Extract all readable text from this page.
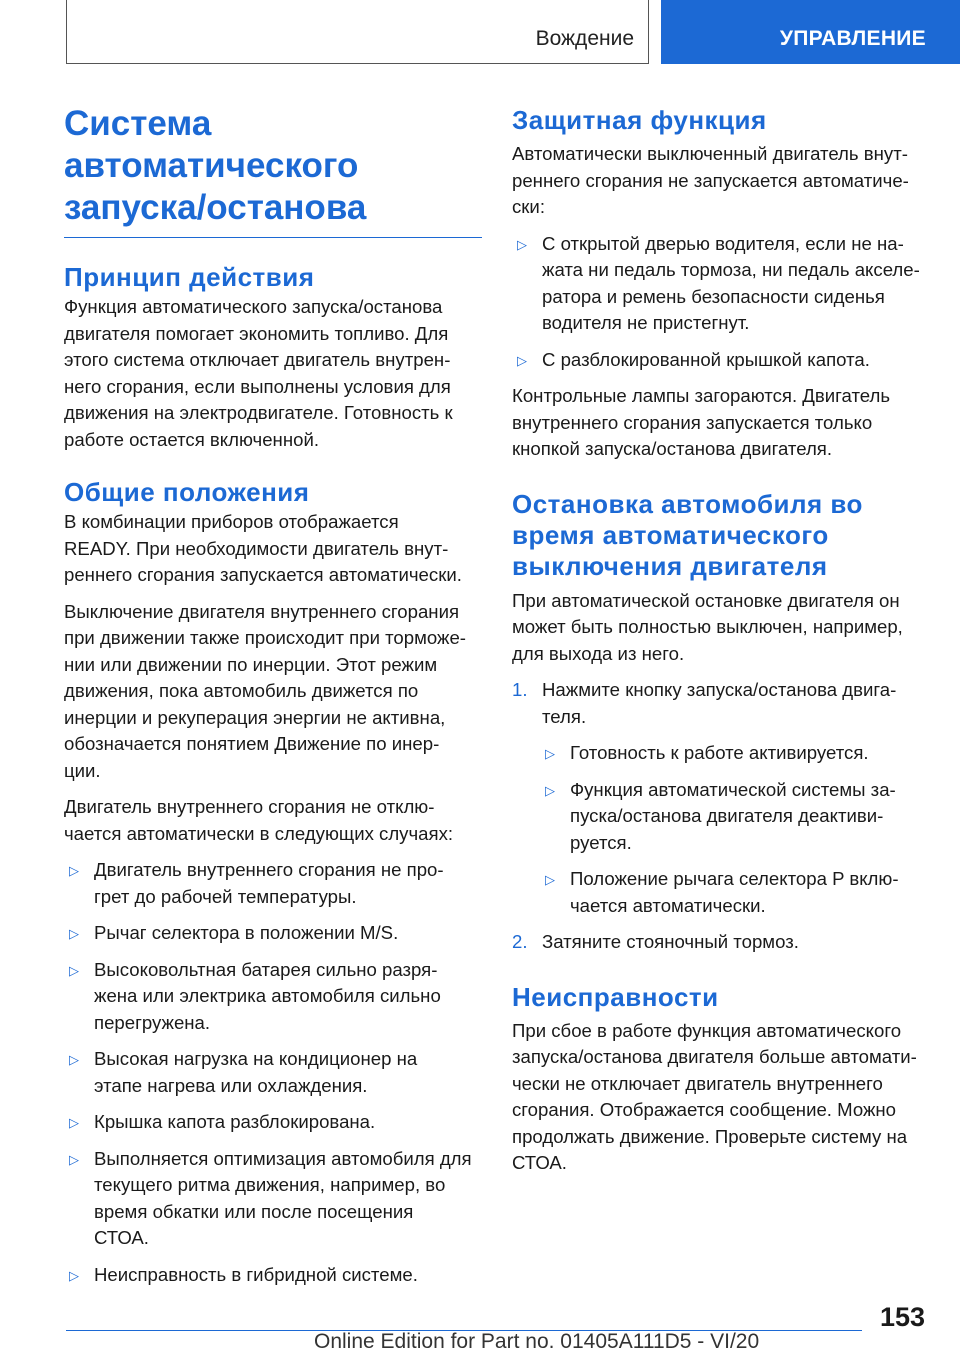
Вождение	УПРАВЛЕНИЕ
Система автоматического
запуска/останова
Принцип действия

Функция автоматического запуска/останова
двигателя помогает экономить топливо. Для
этого система отключает двигатель внутрен-
него сгорания, если выполнены условия для
движения на электродвигателе. Готовность к
работе остается включенной.

Общие положения

В комбинации приборов отображается
READY. При необходимости двигатель внут-
реннего сгорания запускается автоматически.

Выключение двигателя внутреннего сгорания
при движении также происходит при торможе-
нии или движении по инерции. Этот режим
движения, пока автомобиль движется по
инерции и рекуперация энергии не активна,
обозначается понятием Движение по инер-
ции.

Двигатель внутреннего сгорания не отклю-
чается автоматически в следующих случаях:

▷ Двигатель внутреннего сгорания не про-
грет до рабочей температуры.
▷ Рычаг селектора в положении M/S.
▷ Высоковольтная батарея сильно разря-
жена или электрика автомобиля сильно
перегружена.
▷ Высокая нагрузка на кондиционер на
этапе нагрева или охлаждения.
▷ Крышка капота разблокирована.
▷ Выполняется оптимизация автомобиля для
текущего ритма движения, например, во
время обкатки или после посещения
СТОА.
▷ Неисправность в гибридной системе.
Защитная функция

Автоматически выключенный двигатель внут-
реннего сгорания не запускается автоматиче-
ски:

▷ С открытой дверью водителя, если не на-
жата ни педаль тормоза, ни педаль акселе-
ратора и ремень безопасности сиденья
водителя не пристегнут.
▷ С разблокированной крышкой капота.

Контрольные лампы загораются. Двигатель
внутреннего сгорания запускается только
кнопкой запуска/останова двигателя.

Остановка автомобиля во
время автоматического
выключения двигателя

При автоматической остановке двигателя он
может быть полностью выключен, например,
для выхода из него.

1. Нажмите кнопку запуска/останова двига-
теля.
▷ Готовность к работе активируется.
▷ Функция автоматической системы за-
пуска/останова двигателя деактиви-
руется.
▷ Положение рычага селектора P вклю-
чается автоматически.
2. Затяните стояночный тормоз.
Неисправности

При сбое в работе функция автоматического
запуска/останова двигателя больше автомати-
чески не отключает двигатель внутреннего
сгорания. Отображается сообщение. Можно
продолжать движение. Проверьте систему на
СТОА.

153
Online Edition for Part no. 01405A111D5 - VI/20
